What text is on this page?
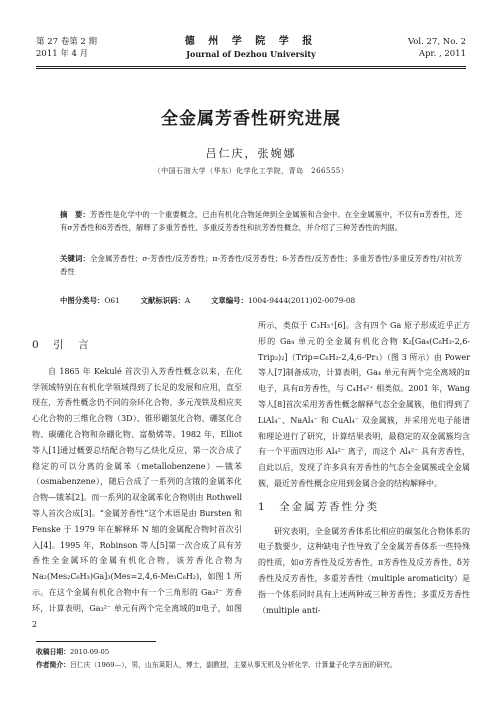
第 27 卷第 2 期
2011 年 4 月
德 州 学 院 学 报
Journal of Dezhou University
Vol. 27, No. 2
Apr. , 2011
全金属芳香性研究进展
吕仁庆，张婉娜
（中国石油大学（华东）化学化工学院，青岛　266555）
摘　要：芳香性是化学中的一个重要概念，已由有机化合物延伸到全金属簇和合金中。在全金属簇中，不仅有π芳香性，还有σ芳香性和δ芳香性，解释了多重芳香性、多重反芳香性和抗芳香性概念，并介绍了三种芳香性的判据。
关键词：全金属芳香性；σ-芳香性/反芳香性；π-芳香性/反芳香性；δ-芳香性/反芳香性；多重芳香性/多重反芳香性/对抗芳香性
中图分类号：O61	文献标识码：A	文章编号：1004-9444(2011)02-0079-08

0　引　言

自 1865 年 Kekulé 首次引入芳香性概念以来，在化学领域特别在有机化学领域得到了长足的发展和应用，直至现在，芳香性概念仍不同的杂环化合物、多元茂铁及相应夹心化合物的三维化合物（3D）、锥形硼氢化合物、硼氢化合物、碳硼化合物和杂硼化物、富勒烯等。1982 年，Elliot 等人[1]通过概要总结配合物与乙炔化反应，第一次合成了稳定的可以分离的金属苯（metallobenzene）—锇苯（osmabenzene），随后合成了一系列的含锇的金属苯化合物—锇苯[2]。而一系列的双金属苯化合物则由 Rothwell 等人首次合成[3]。“金属芳香性”这个术语是由 Bursten 和 Fenske 于 1979 年在解释环 N 缩的金属配合物时首次引入[4]。1995 年，Robinson 等人[5]第一次合成了具有芳香性全金属环的金属有机化合物，该芳香化合物为 Na₂(Mes₂C₆H₃)Ga]₃(Mes=2,4,6-Me₃C₆H₂)，如图 1 所示。在这个金属有机化合物中有一个三角形的 Ga₃²⁻ 芳香环，计算表明，Ga₃²⁻ 单元有两个完全离域的π电子，如图 2

所示，类似于 C₃H₃⁺[6]。含有四个 Ga 原子形成近乎正方形的 Ga₄ 单元的全金属有机化合物 K₂[Ga₄(C₆H₃-2,6-Trip₂)₂]（Trip=C₆H₂-2,4,6-ⁱPr₃）（图 3 所示）由 Power 等人[7]制备成功，计算表明，Ga₄ 单元有两个完全离域的π电子，具有π芳香性，与 C₄H₄²⁺ 相类似。2001 年，Wang 等人[8]首次采用芳香性概念解释气态全金属簇，他们得到了 LiAl₄⁻、NaAl₄⁻ 和 CuAl₄⁻ 双金属簇，并采用光电子能谱和理论进行了研究，计算结果表明，最稳定的双金属簇均含有一个平面四边形 Al₄²⁻ 离子，而这个 Al₄²⁻ 具有芳香性，自此以后，发现了许多具有芳香性的气态全金属簇或全金属簇，最近芳香性概念应用到金属合金的结构解释中。

1　全金属芳香性分类

研究表明，全金属芳香体系比相应的碳氢化合物体系的电子数要少，这种缺电子性导致了全金属芳香体系一些特殊的性质，如σ芳香性及反芳香性，π芳香性及反芳香性，δ芳香性及反芳香性，多重芳香性（multiple aromaticity）是指一个体系同时具有上述两种或三种芳香性；多重反芳香性（multiple anti-

收稿日期：2010-09-05
作者简介：吕仁庆（1969—），男，山东莱阳人，博士，副教授，主要从事无机及分析化学、计算量子化学方面的研究。
